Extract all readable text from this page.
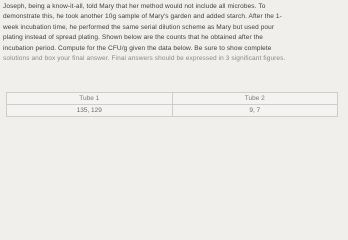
Joseph, being a know-it-all, told Mary that her method would not include all microbes. To
demonstrate this, he took another 10g sample of Mary's garden and added starch. After the 1-
week incubation time, he performed the same serial dilution scheme as Mary but used pour
plating instead of spread plating. Shown below are the counts that he obtained after the
incubation period. Compute for the CFU/g given the data below. Be sure to show complete
solutions and box your final answer. Final answers should be expressed in 3 significant figures.
Tube 1	Tube 2
135, 129	9, 7
